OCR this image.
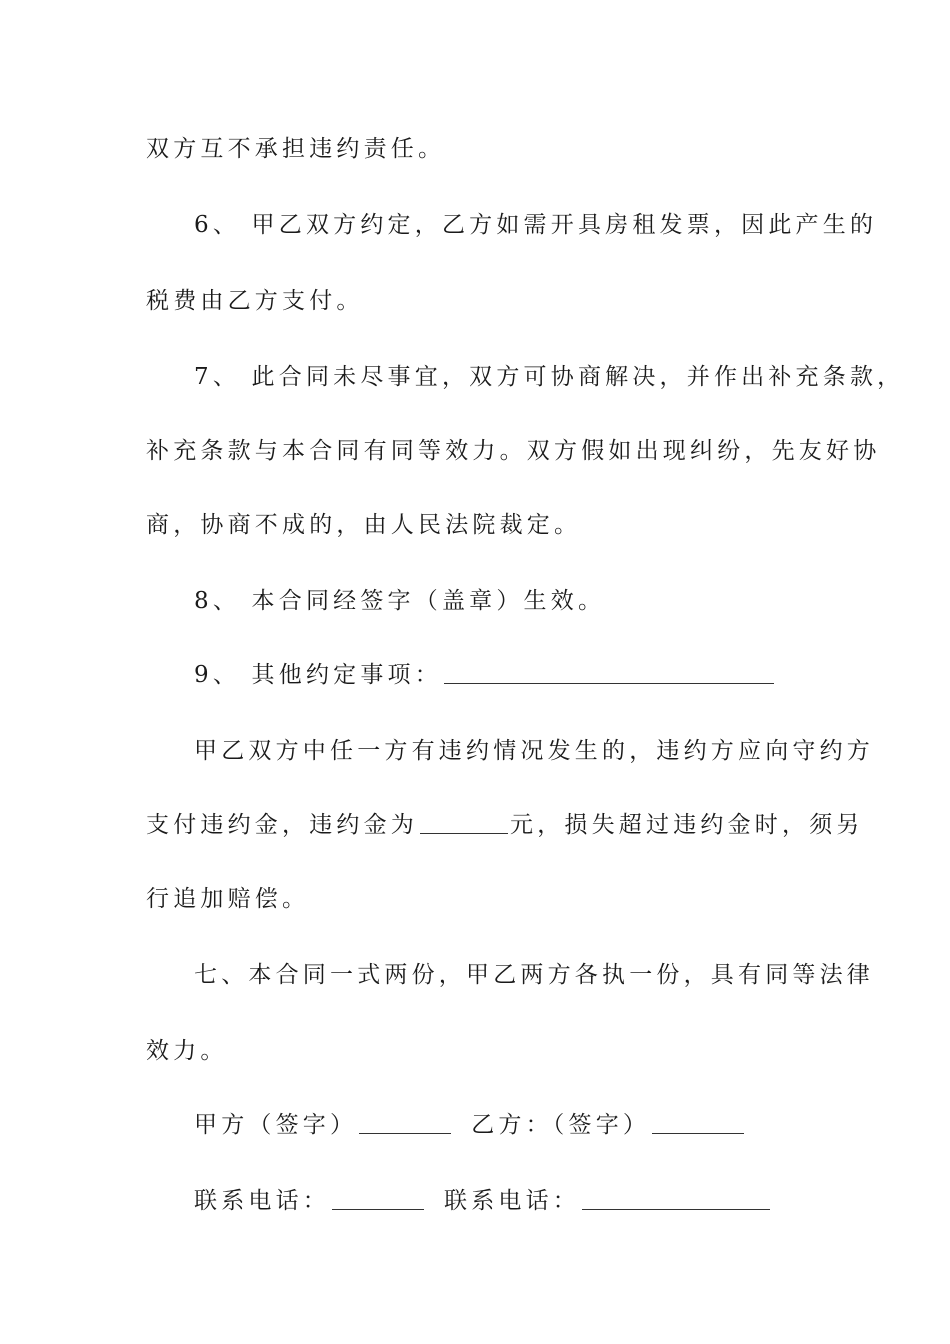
双方互不承担违约责任。
6、 甲乙双方约定，乙方如需开具房租发票，因此产生的
税费由乙方支付。
7、 此合同未尽事宜，双方可协商解决，并作出补充条款，
补充条款与本合同有同等效力。双方假如出现纠纷，先友好协
商，协商不成的，由人民法院裁定。
8、 本合同经签字（盖章）生效。
9、 其他约定事项：
甲乙双方中任一方有违约情况发生的，违约方应向守约方
支付违约金，违约金为	元，损失超过违约金时，须另
行追加赔偿。
七、本合同一式两份，甲乙两方各执一份，具有同等法律
效力。
甲方（签字）	乙方：（签字）
联系电话：	联系电话：
